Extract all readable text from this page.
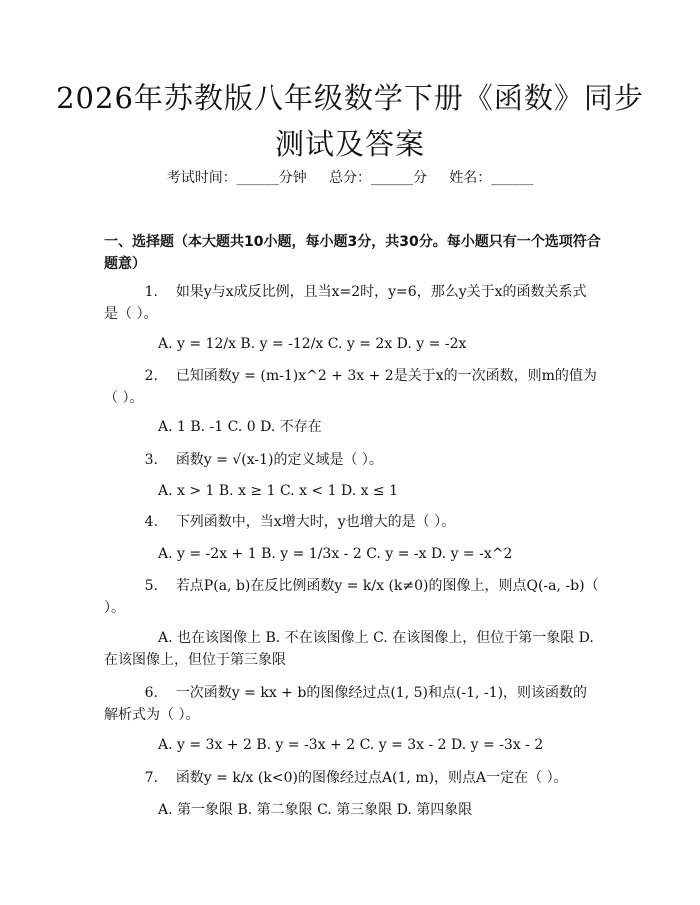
2026年苏教版八年级数学下册《函数》同步
测试及答案
考试时间：______分钟     总分：______分     姓名：______
一、选择题（本大题共10小题，每小题3分，共30分。每小题只有一个选项符合题意）
1. 如果y与x成反比例，且当x=2时，y=6，那么y关于x的函数关系式是（ ）。
A. y = 12/x B. y = -12/x C. y = 2x D. y = -2x
2. 已知函数y = (m-1)x^2 + 3x + 2是关于x的一次函数，则m的值为（ ）。
A. 1 B. -1 C. 0 D. 不存在
3. 函数y = √(x-1)的定义域是（ ）。
A. x > 1 B. x ≥ 1 C. x < 1 D. x ≤ 1
4. 下列函数中，当x增大时，y也增大的是（ ）。
A. y = -2x + 1 B. y = 1/3x - 2 C. y = -x D. y = -x^2
5. 若点P(a, b)在反比例函数y = k/x (k≠0)的图像上，则点Q(-a, -b)（ ）。
A. 也在该图像上 B. 不在该图像上 C. 在该图像上，但位于第一象限 D. 在该图像上，但位于第三象限
6. 一次函数y = kx + b的图像经过点(1, 5)和点(-1, -1)，则该函数的解析式为（ ）。
A. y = 3x + 2 B. y = -3x + 2 C. y = 3x - 2 D. y = -3x - 2
7. 函数y = k/x (k<0)的图像经过点A(1, m)，则点A一定在（ ）。
A. 第一象限 B. 第二象限 C. 第三象限 D. 第四象限
